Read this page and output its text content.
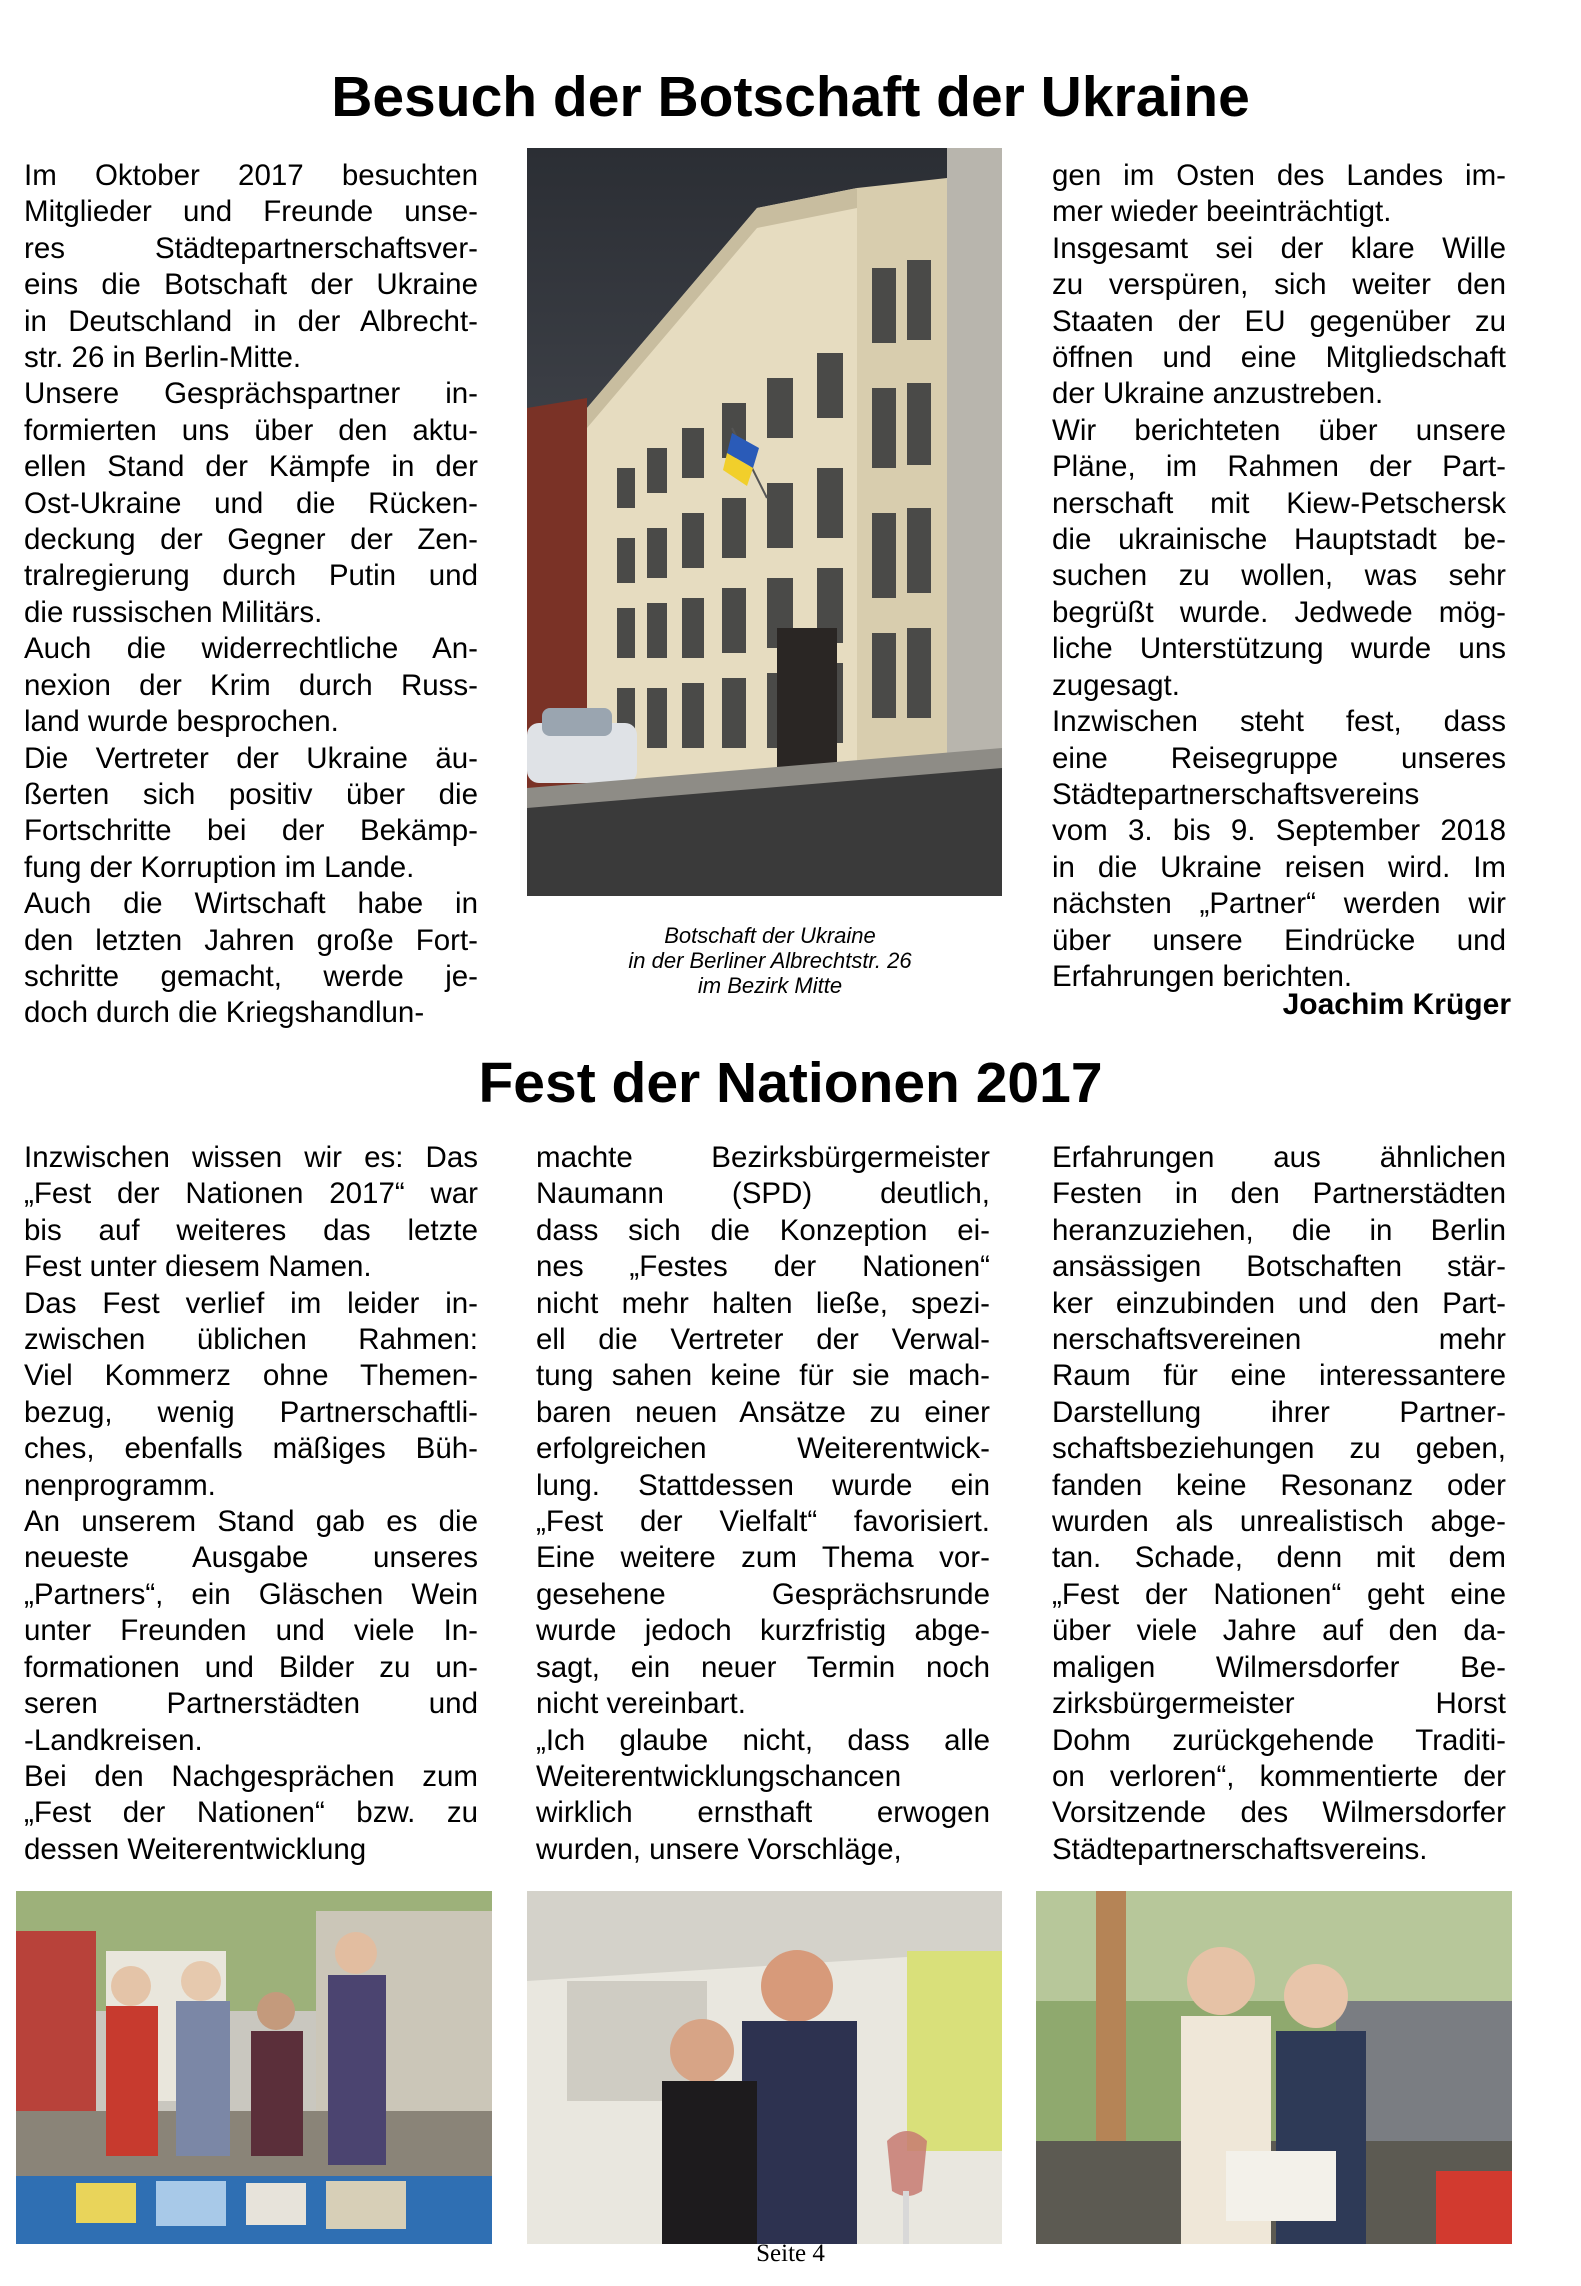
Besuch der Botschaft der Ukraine
Im Oktober 2017 besuchten
Mitglieder und Freunde unse-
res Städtepartnerschaftsver-
eins die Botschaft der Ukraine
in Deutschland in der Albrecht-
str. 26 in Berlin-Mitte.
Unsere Gesprächspartner in-
formierten uns über den aktu-
ellen Stand der Kämpfe in der
Ost-Ukraine und die Rücken-
deckung der Gegner der Zen-
tralregierung durch Putin und
die russischen Militärs.
Auch die widerrechtliche An-
nexion der Krim durch Russ-
land wurde besprochen.
Die Vertreter der Ukraine äu-
ßerten sich positiv über die
Fortschritte bei der Bekämp-
fung der Korruption im Lande.
Auch die Wirtschaft habe in
den letzten Jahren große Fort-
schritte gemacht, werde je-
doch durch die Kriegshandlun-
Botschaft der Ukraine
in der Berliner Albrechtstr. 26
im Bezirk Mitte
gen im Osten des Landes im-
mer wieder beeinträchtigt.
Insgesamt sei der klare Wille
zu verspüren, sich weiter den
Staaten der EU gegenüber zu
öffnen und eine Mitgliedschaft
der Ukraine anzustreben.
Wir berichteten über unsere
Pläne, im Rahmen der Part-
nerschaft mit Kiew-Petschersk
die ukrainische Hauptstadt be-
suchen zu wollen, was sehr
begrüßt wurde. Jedwede mög-
liche Unterstützung wurde uns
zugesagt.
Inzwischen steht fest, dass
eine Reisegruppe unseres
Städtepartnerschaftsvereins
vom 3. bis 9. September 2018
in die Ukraine reisen wird. Im
nächsten „Partner“ werden wir
über unsere Eindrücke und
Erfahrungen berichten.
Joachim Krüger
Fest der Nationen 2017
Inzwischen wissen wir es: Das
„Fest der Nationen 2017“ war
bis auf weiteres das letzte
Fest unter diesem Namen.
Das Fest verlief im leider in-
zwischen üblichen Rahmen:
Viel Kommerz ohne Themen-
bezug, wenig Partnerschaftli-
ches, ebenfalls mäßiges Büh-
nenprogramm.
An unserem Stand gab es die
neueste Ausgabe unseres
„Partners“, ein Gläschen Wein
unter Freunden und viele In-
formationen und Bilder zu un-
seren Partnerstädten und
-Landkreisen.
Bei den Nachgesprächen zum
„Fest der Nationen“ bzw. zu
dessen Weiterentwicklung
machte Bezirksbürgermeister
Naumann (SPD) deutlich,
dass sich die Konzeption ei-
nes „Festes der Nationen“
nicht mehr halten ließe, spezi-
ell die Vertreter der Verwal-
tung sahen keine für sie mach-
baren neuen Ansätze zu einer
erfolgreichen Weiterentwick-
lung. Stattdessen wurde ein
„Fest der Vielfalt“ favorisiert.
Eine weitere zum Thema vor-
gesehene Gesprächsrunde
wurde jedoch kurzfristig abge-
sagt, ein neuer Termin noch
nicht vereinbart.
„Ich glaube nicht, dass alle
Weiterentwicklungschancen
wirklich ernsthaft erwogen
wurden, unsere Vorschläge,
Erfahrungen aus ähnlichen
Festen in den Partnerstädten
heranzuziehen, die in Berlin
ansässigen Botschaften stär-
ker einzubinden und den Part-
nerschaftsvereinen mehr
Raum für eine interessantere
Darstellung ihrer Partner-
schaftsbeziehungen zu geben,
fanden keine Resonanz oder
wurden als unrealistisch abge-
tan. Schade, denn mit dem
„Fest der Nationen“ geht eine
über viele Jahre auf den da-
maligen Wilmersdorfer Be-
zirksbürgermeister Horst
Dohm zurückgehende Traditi-
on verloren“, kommentierte der
Vorsitzende des Wilmersdorfer
Städtepartnerschaftsvereins.
Seite 4
